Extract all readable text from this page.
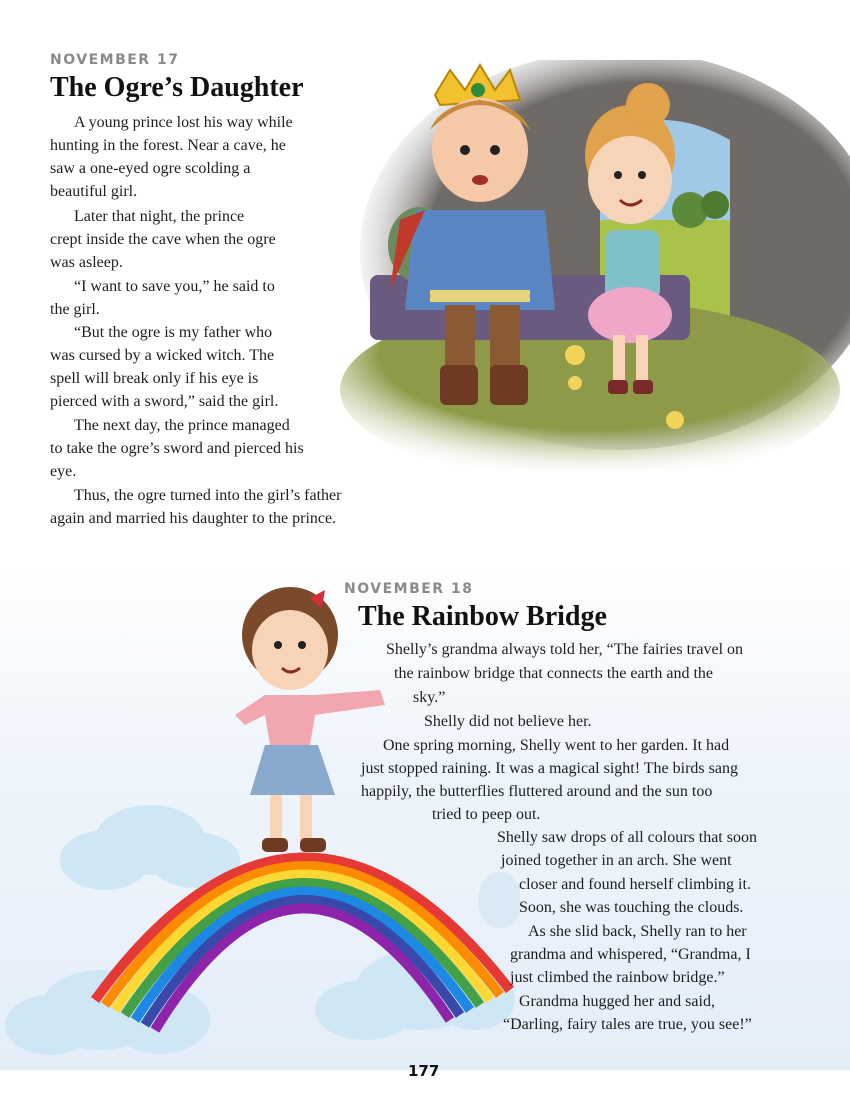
NOVEMBER 17
The Ogre’s Daughter
A young prince lost his way while
hunting in the forest. Near a cave, he
saw a one-eyed ogre scolding a
beautiful girl.
Later that night, the prince
crept inside the cave when the ogre
was asleep.
“I want to save you,” he said to
the girl.
“But the ogre is my father who
was cursed by a wicked witch. The
spell will break only if his eye is
pierced with a sword,” said the girl.
The next day, the prince managed
to take the ogre’s sword and pierced his
eye.
Thus, the ogre turned into the girl’s father
again and married his daughter to the prince.
NOVEMBER 18
The Rainbow Bridge
Shelly’s grandma always told her, “The fairies travel on
the rainbow bridge that connects the earth and the
sky.”
Shelly did not believe her.
One spring morning, Shelly went to her garden. It had
just stopped raining. It was a magical sight! The birds sang
happily, the butterflies fluttered around and the sun too
tried to peep out.
Shelly saw drops of all colours that soon
joined together in an arch. She went
closer and found herself climbing it.
Soon, she was touching the clouds.
As she slid back, Shelly ran to her
grandma and whispered, “Grandma, I
just climbed the rainbow bridge.”
Grandma hugged her and said,
“Darling, fairy tales are true, you see!”
177
